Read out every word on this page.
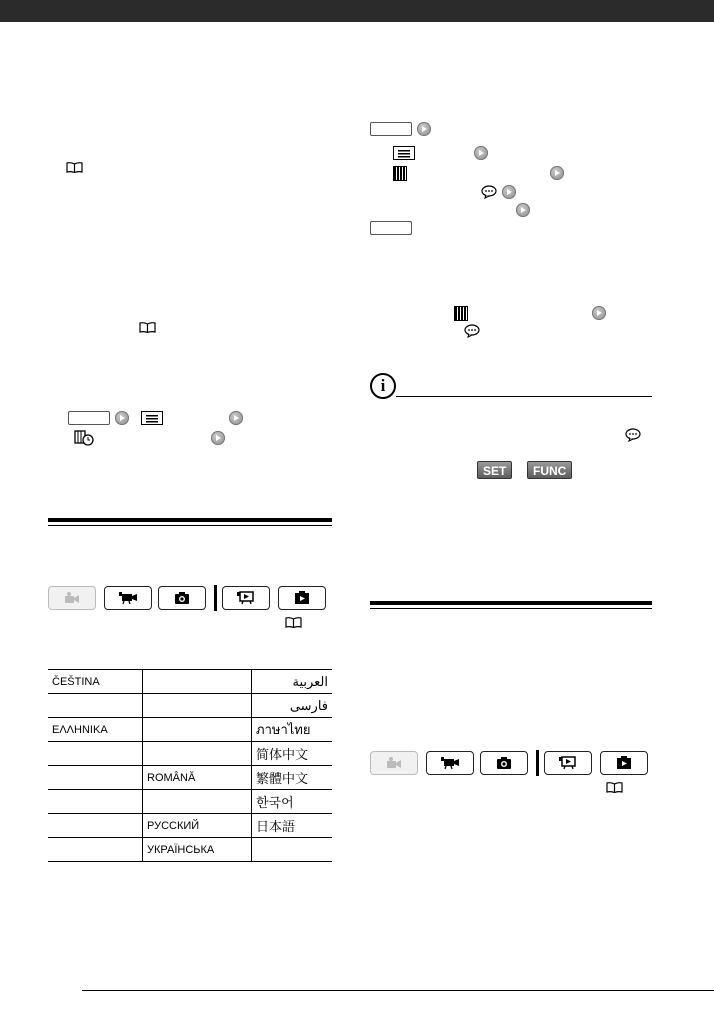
ČEŠTINA		العربية
		فارسی
ΕΛΛΗΝΙΚΑ		ภาษาไทย
		简体中文
	ROMÂNĂ	繁體中文
		한국어
	РУССКИЙ	日本語
	УКРАЇНСЬКА	
i
SET	FUNC
